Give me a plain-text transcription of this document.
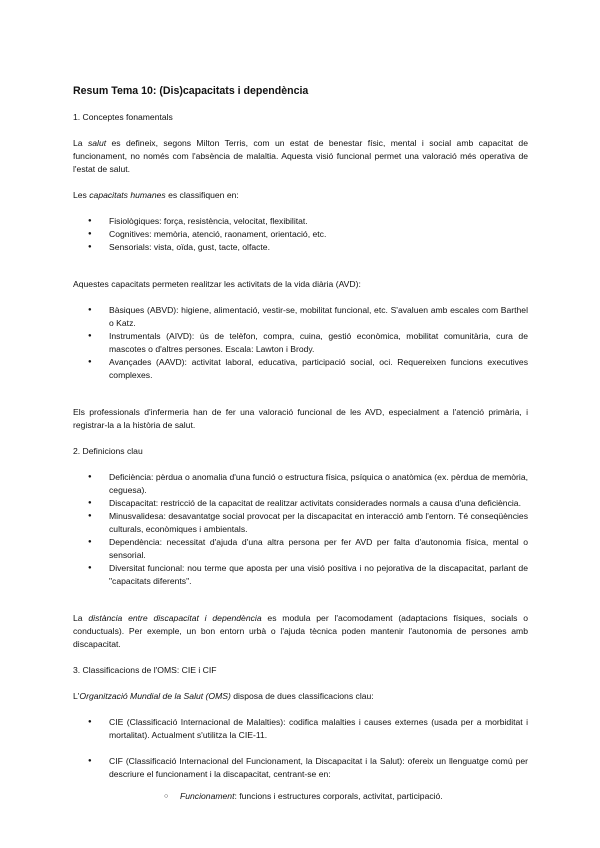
Resum Tema 10: (Dis)capacitats i dependència

1. Conceptes fonamentals

La salut es defineix, segons Milton Terris, com un estat de benestar físic, mental i social amb capacitat de funcionament, no només com l'absència de malaltia. Aquesta visió funcional permet una valoració més operativa de l'estat de salut.

Les capacitats humanes es classifiquen en:

● Fisiològiques: força, resistència, velocitat, flexibilitat.
● Cognitives: memòria, atenció, raonament, orientació, etc.
● Sensorials: vista, oïda, gust, tacte, olfacte.

Aquestes capacitats permeten realitzar les activitats de la vida diària (AVD):

● Bàsiques (ABVD): higiene, alimentació, vestir-se, mobilitat funcional, etc. S'avaluen amb escales com Barthel o Katz.
● Instrumentals (AIVD): ús de telèfon, compra, cuina, gestió econòmica, mobilitat comunitària, cura de mascotes o d'altres persones. Escala: Lawton i Brody.
● Avançades (AAVD): activitat laboral, educativa, participació social, oci. Requereixen funcions executives complexes.

Els professionals d'infermeria han de fer una valoració funcional de les AVD, especialment a l'atenció primària, i registrar-la a la història de salut.

2. Definicions clau

● Deficiència: pèrdua o anomalia d'una funció o estructura física, psíquica o anatòmica (ex. pèrdua de memòria, ceguesa).
● Discapacitat: restricció de la capacitat de realitzar activitats considerades normals a causa d'una deficiència.
● Minusvalidesa: desavantatge social provocat per la discapacitat en interacció amb l'entorn. Té conseqüències culturals, econòmiques i ambientals.
● Dependència: necessitat d'ajuda d'una altra persona per fer AVD per falta d'autonomia física, mental o sensorial.
● Diversitat funcional: nou terme que aposta per una visió positiva i no pejorativa de la discapacitat, parlant de "capacitats diferents".

La distància entre discapacitat i dependència es modula per l'acomodament (adaptacions físiques, socials o conductuals). Per exemple, un bon entorn urbà o l'ajuda tècnica poden mantenir l'autonomia de persones amb discapacitat.

3. Classificacions de l'OMS: CIE i CIF

L'Organització Mundial de la Salut (OMS) disposa de dues classificacions clau:

● CIE (Classificació Internacional de Malalties): codifica malalties i causes externes (usada per a morbiditat i mortalitat). Actualment s'utilitza la CIE-11.
● CIF (Classificació Internacional del Funcionament, la Discapacitat i la Salut): ofereix un llenguatge comú per descriure el funcionament i la discapacitat, centrant-se en:
○ Funcionament: funcions i estructures corporals, activitat, participació.
